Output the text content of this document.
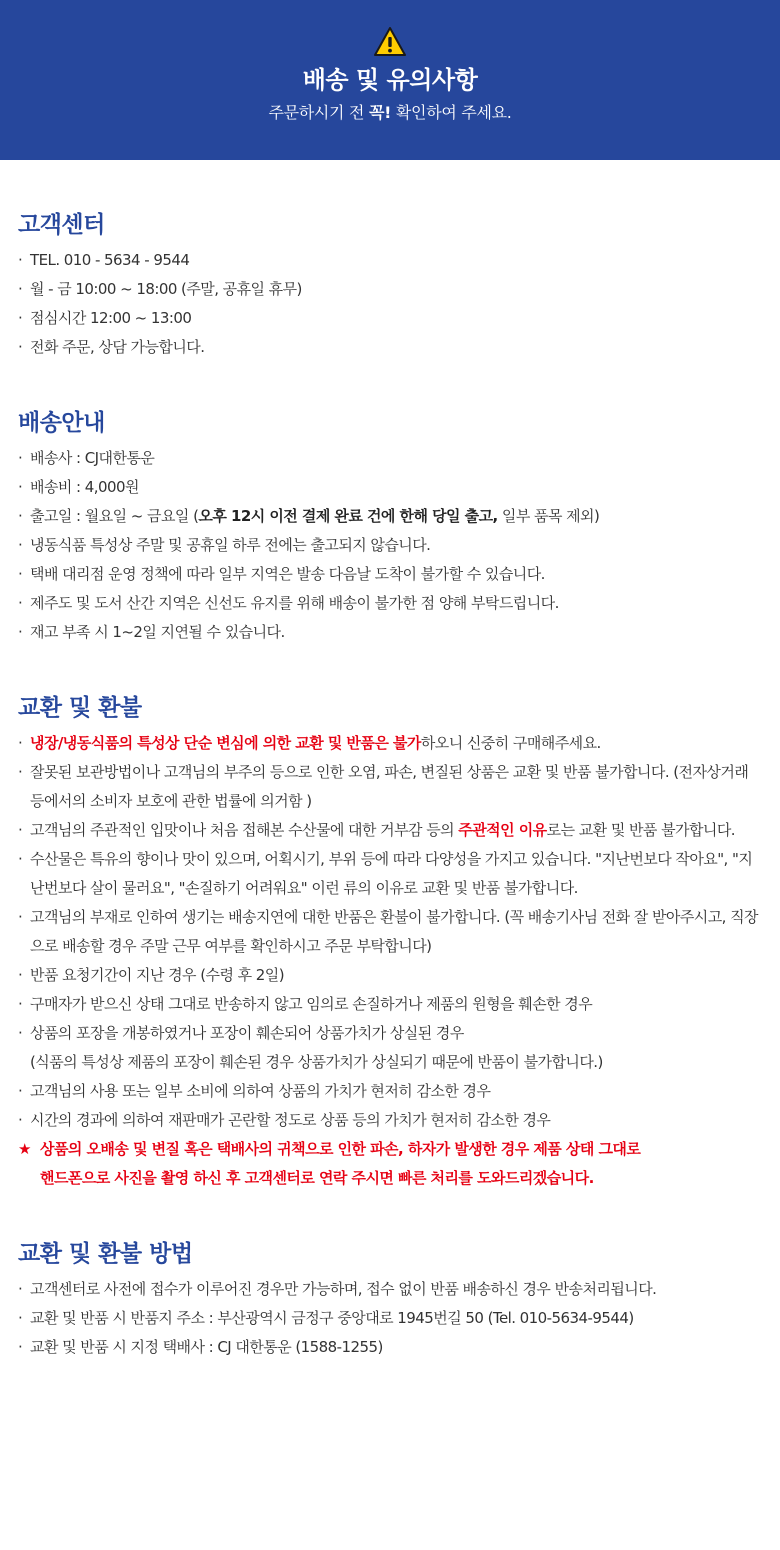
배송 및 유의사항
주문하시기 전 꼭! 확인하여 주세요.
고객센터
· TEL. 010 - 5634 - 9544
· 월 - 금 10:00 ~ 18:00 (주말, 공휴일 휴무)
· 점심시간 12:00 ~ 13:00
· 전화 주문, 상담 가능합니다.
배송안내
· 배송사 : CJ대한통운
· 배송비 : 4,000원
· 출고일 : 월요일 ~ 금요일 (오후 12시 이전 결제 완료 건에 한해 당일 출고, 일부 품목 제외)
· 냉동식품 특성상 주말 및 공휴일 하루 전에는 출고되지 않습니다.
· 택배 대리점 운영 정책에 따라 일부 지역은 발송 다음날 도착이 불가할 수 있습니다.
· 제주도 및 도서 산간 지역은 신선도 유지를 위해 배송이 불가한 점 양해 부탁드립니다.
· 재고 부족 시 1~2일 지연될 수 있습니다.
교환 및 환불
· 냉장/냉동식품의 특성상 단순 변심에 의한 교환 및 반품은 불가하오니 신중히 구매해주세요.
· 잘못된 보관방법이나 고객님의 부주의 등으로 인한 오염, 파손, 변질된 상품은 교환 및 반품 불가합니다. (전자상거래 등에서의 소비자 보호에 관한 법률에 의거함 )
· 고객님의 주관적인 입맛이나 처음 접해본 수산물에 대한 거부감 등의 주관적인 이유로는 교환 및 반품 불가합니다.
· 수산물은 특유의 향이나 맛이 있으며, 어획시기, 부위 등에 따라 다양성을 가지고 있습니다. "지난번보다 작아요", "지난번보다 살이 물러요", "손질하기 어려워요" 이런 류의 이유로 교환 및 반품 불가합니다.
· 고객님의 부재로 인하여 생기는 배송지연에 대한 반품은 환불이 불가합니다. (꼭 배송기사님 전화 잘 받아주시고, 직장으로 배송할 경우 주말 근무 여부를 확인하시고 주문 부탁합니다)
· 반품 요청기간이 지난 경우 (수령 후 2일)
· 구매자가 받으신 상태 그대로 반송하지 않고 임의로 손질하거나 제품의 원형을 훼손한 경우
· 상품의 포장을 개봉하였거나 포장이 훼손되어 상품가치가 상실된 경우
(식품의 특성상 제품의 포장이 훼손된 경우 상품가치가 상실되기 때문에 반품이 불가합니다.)
· 고객님의 사용 또는 일부 소비에 의하여 상품의 가치가 현저히 감소한 경우
· 시간의 경과에 의하여 재판매가 곤란할 정도로 상품 등의 가치가 현저히 감소한 경우
★ 상품의 오배송 및 변질 혹은 택배사의 귀책으로 인한 파손, 하자가 발생한 경우 제품 상태 그대로
핸드폰으로 사진을 촬영 하신 후 고객센터로 연락 주시면 빠른 처리를 도와드리겠습니다.
교환 및 환불 방법
· 고객센터로 사전에 접수가 이루어진 경우만 가능하며, 접수 없이 반품 배송하신 경우 반송처리됩니다.
· 교환 및 반품 시 반품지 주소 : 부산광역시 금정구 중앙대로 1945번길 50 (Tel. 010-5634-9544)
· 교환 및 반품 시 지정 택배사 : CJ 대한통운 (1588-1255)
